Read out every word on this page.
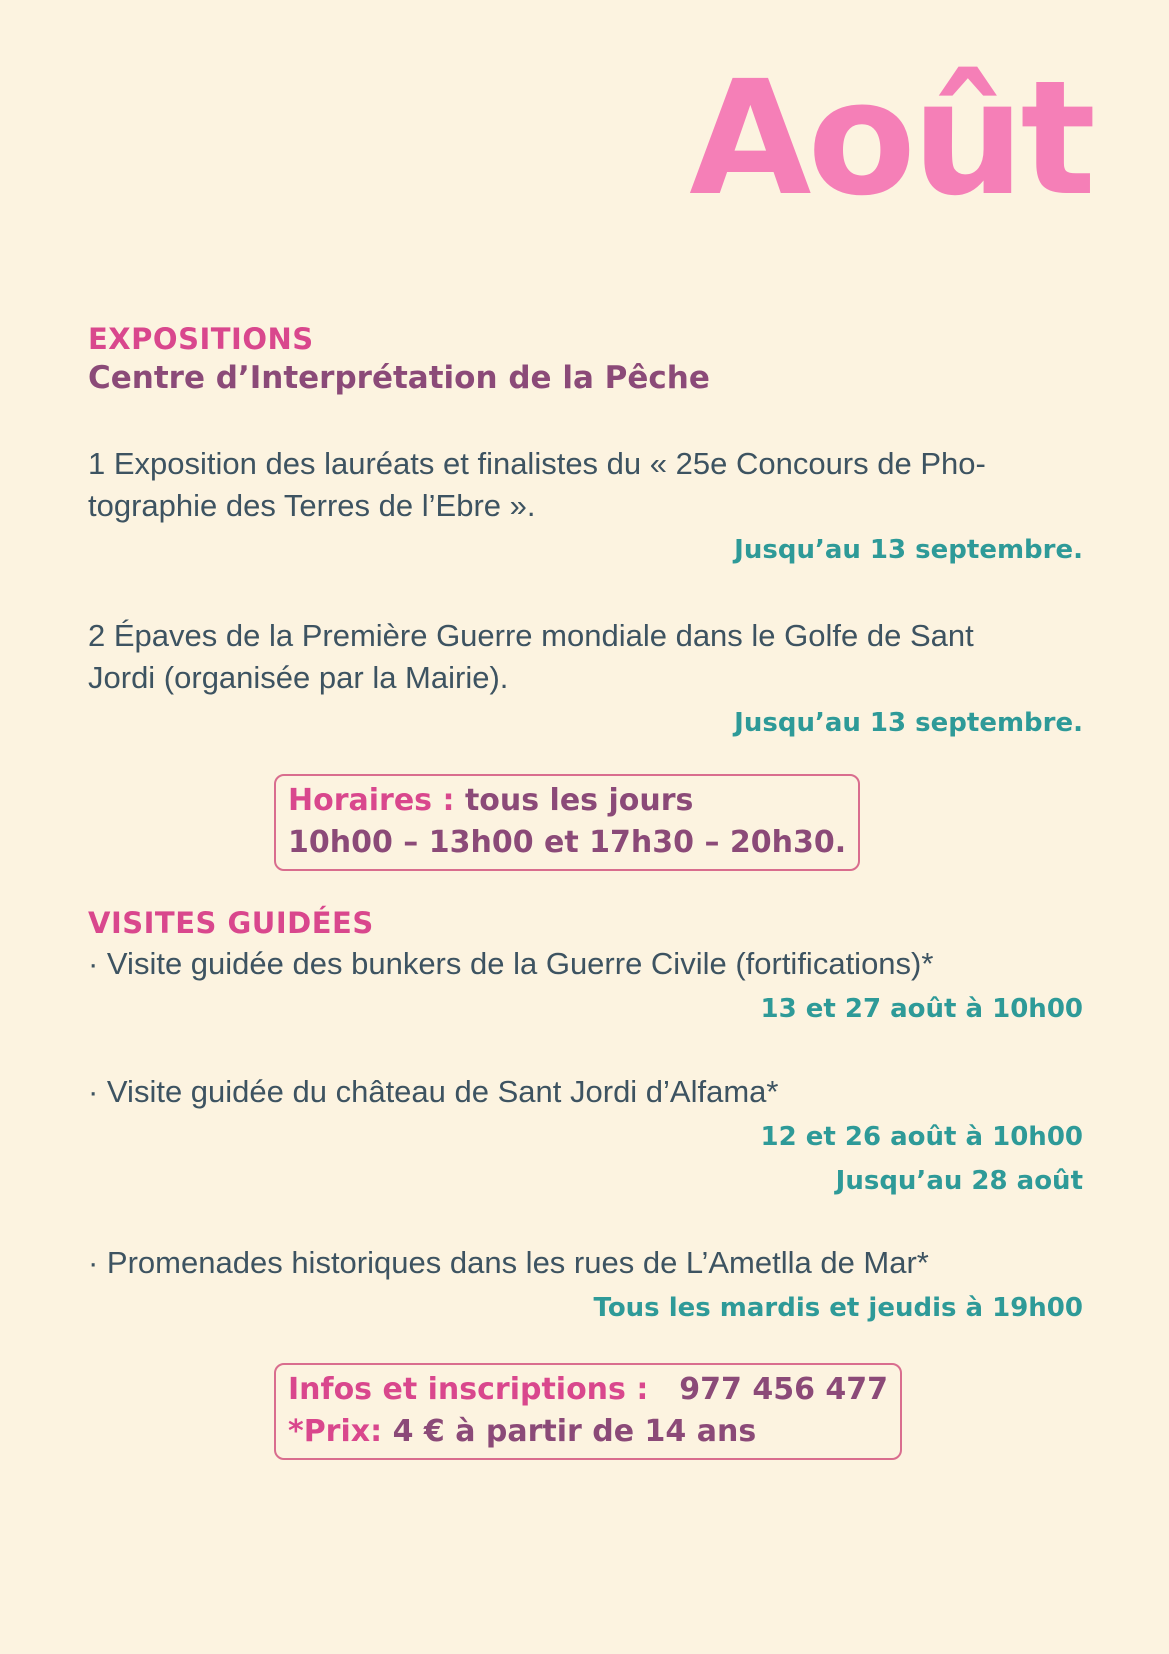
Août
EXPOSITIONS
Centre d’Interprétation de la Pêche
1 Exposition des lauréats et finalistes du « 25e Concours de Pho-
tographie des Terres de l’Ebre ».
Jusqu’au 13 septembre.
2 Épaves de la Première Guerre mondiale dans le Golfe de Sant
Jordi (organisée par la Mairie).
Jusqu’au 13 septembre.
Horaires : tous les jours
10h00 – 13h00 et 17h30 – 20h30.
VISITES GUIDÉES
· Visite guidée des bunkers de la Guerre Civile (fortifications)*
13 et 27 août à 10h00
· Visite guidée du château de Sant Jordi d’Alfama*
12 et 26 août à 10h00
Jusqu’au 28 août
· Promenades historiques dans les rues de L’Ametlla de Mar*
Tous les mardis et jeudis à 19h00
Infos et inscriptions : 977 456 477
*Prix: 4 € à partir de 14 ans
